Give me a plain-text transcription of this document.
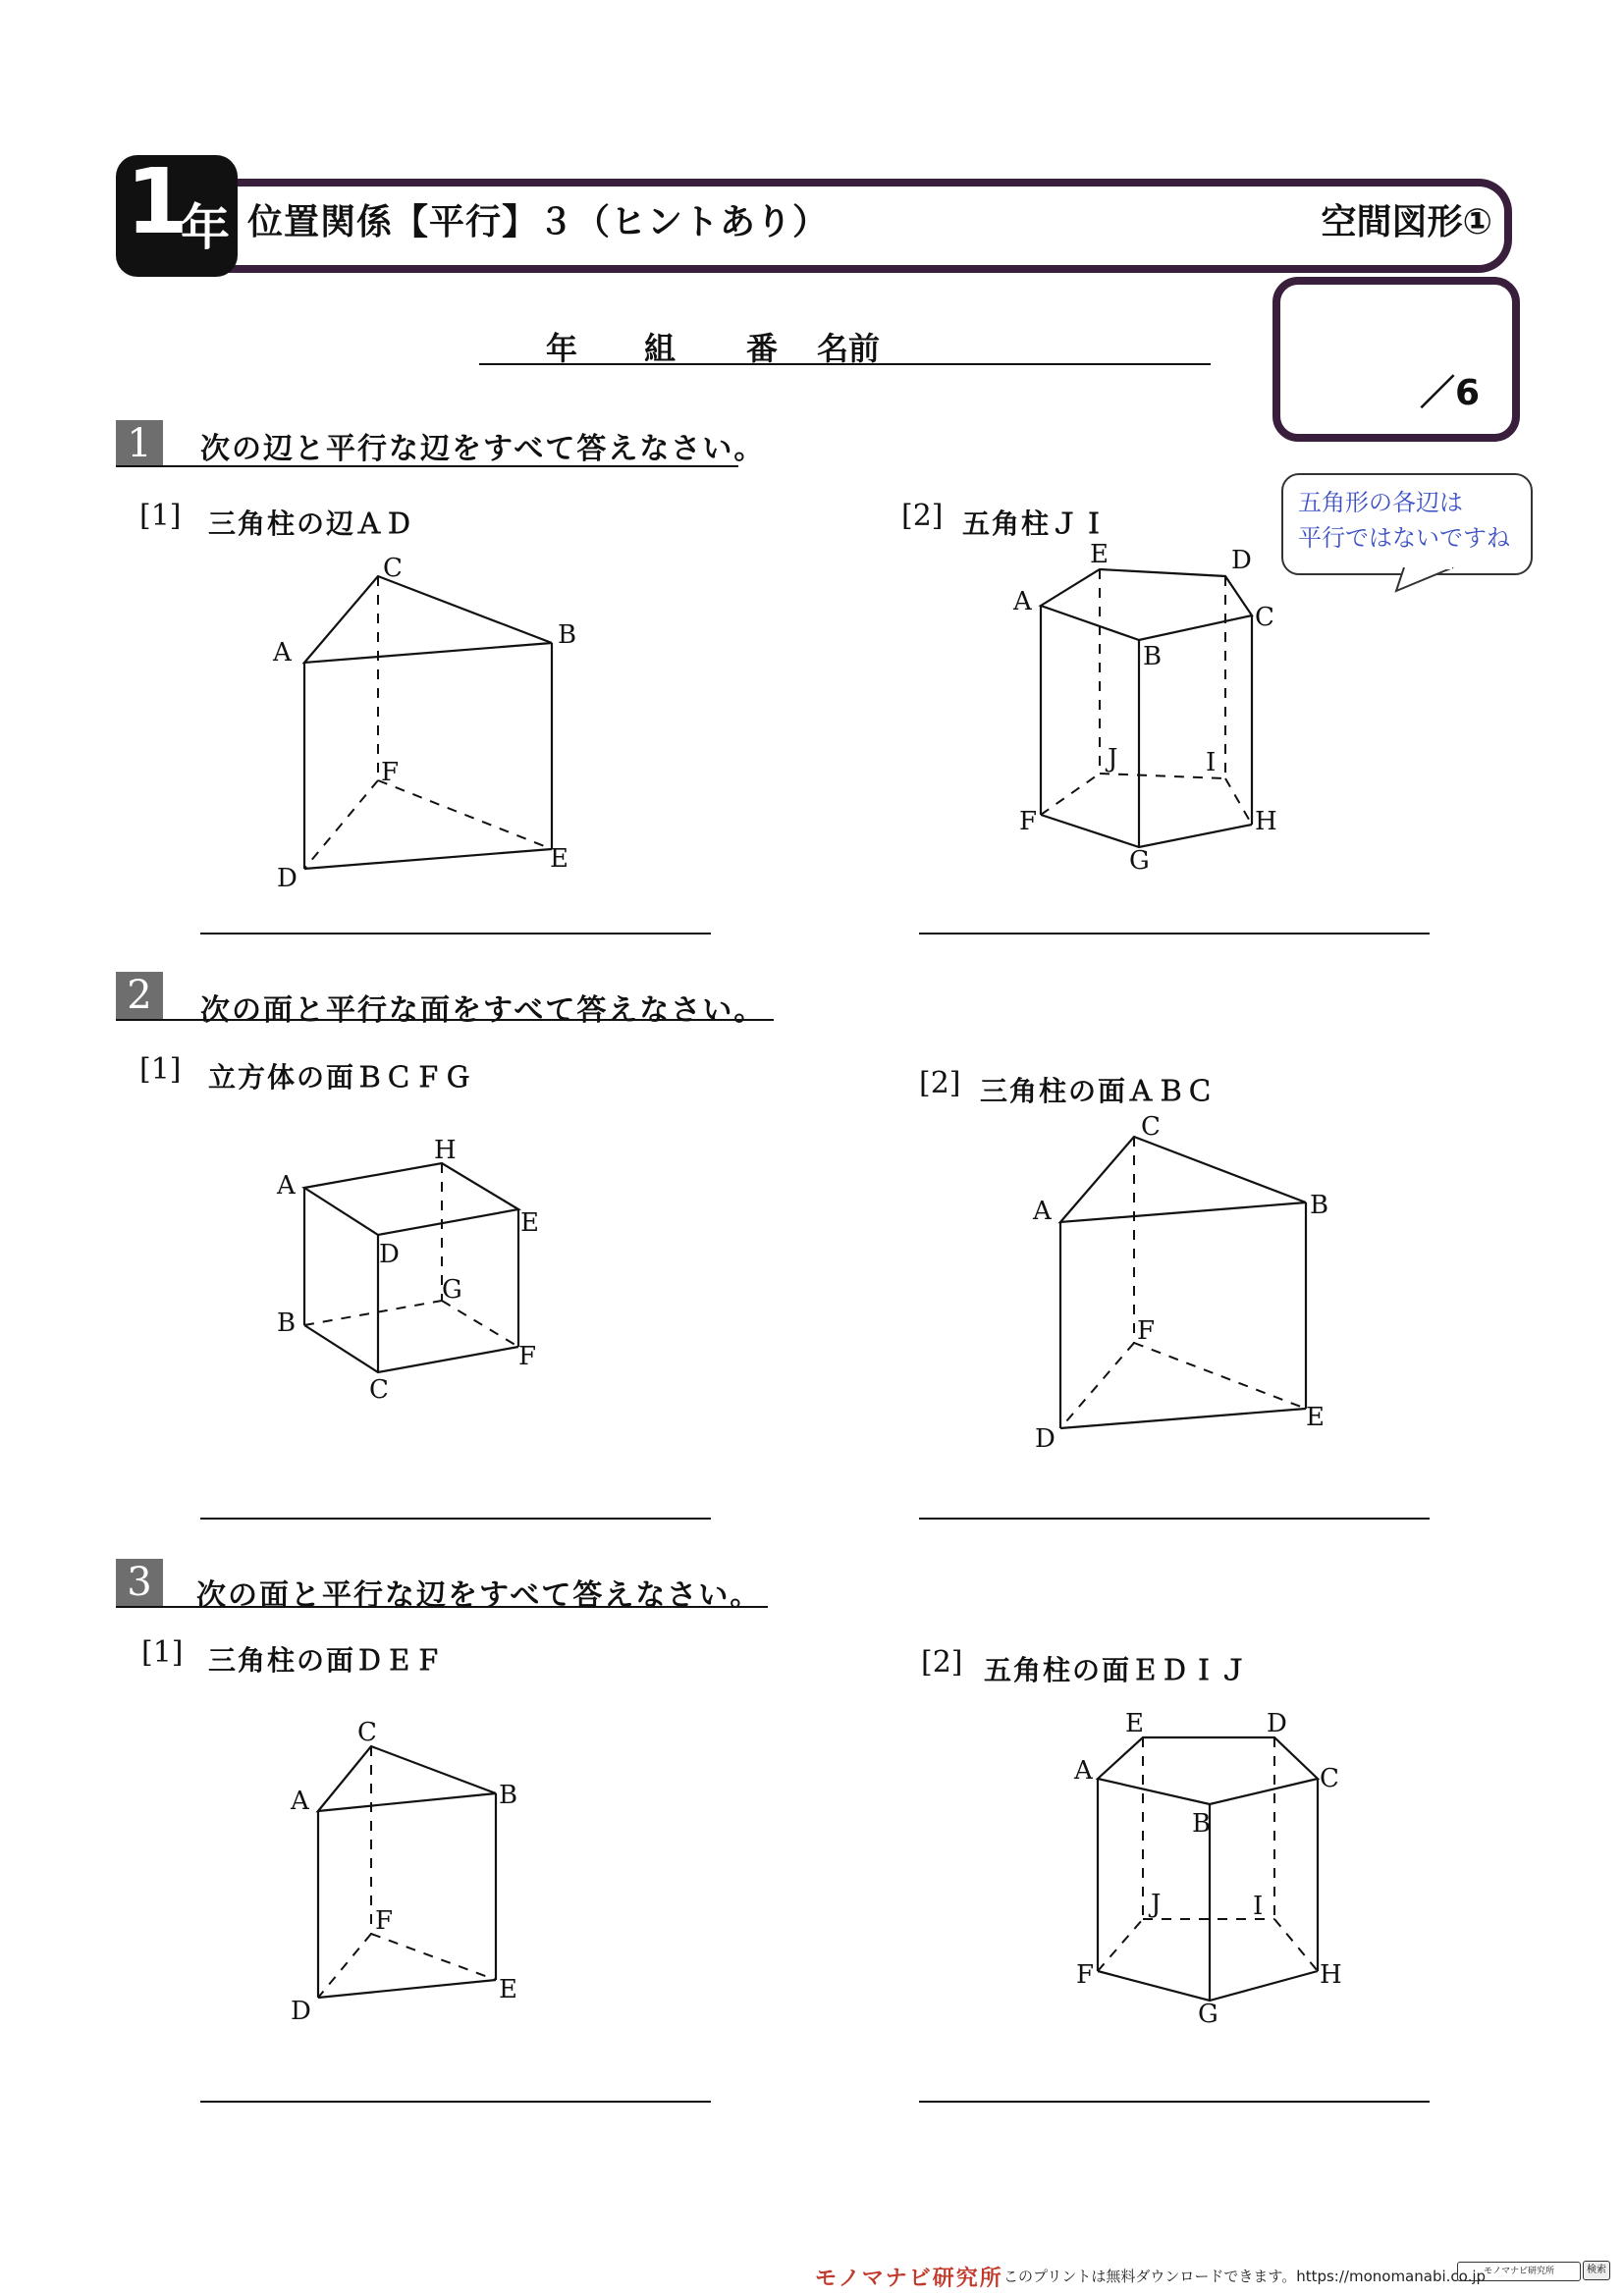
1
年 位置関係【平行】３（ヒントあり）	空間図形①
／6
年 組 番 名前
1	次の辺と平行な辺をすべて答えなさい。
[1] 三角柱の辺ＡＤ	[2] 五角柱ＪＩ
五角形の各辺は
平行ではないですね
A
B
C
D
E
F
A
B
C
D
E
F
G
H
I
J
2	次の面と平行な面をすべて答えなさい。
[1] 立方体の面ＢＣＦＧ	[2] 三角柱の面ＡＢＣ
A
B
C
D
E
F
G
H
A	B
C
D
E
F
3	次の面と平行な辺をすべて答えなさい。
[1] 三角柱の面ＤＥＦ	[2] 五角柱の面ＥＤＩＪ
A	B
C
D
E
F
A
B
C
D
E
F
G
H
I
J
モノマナビ研究所 このプリントは無料ダウンロードできます。https://monomanabi.co.jp
モノマナビ研究所	検索
